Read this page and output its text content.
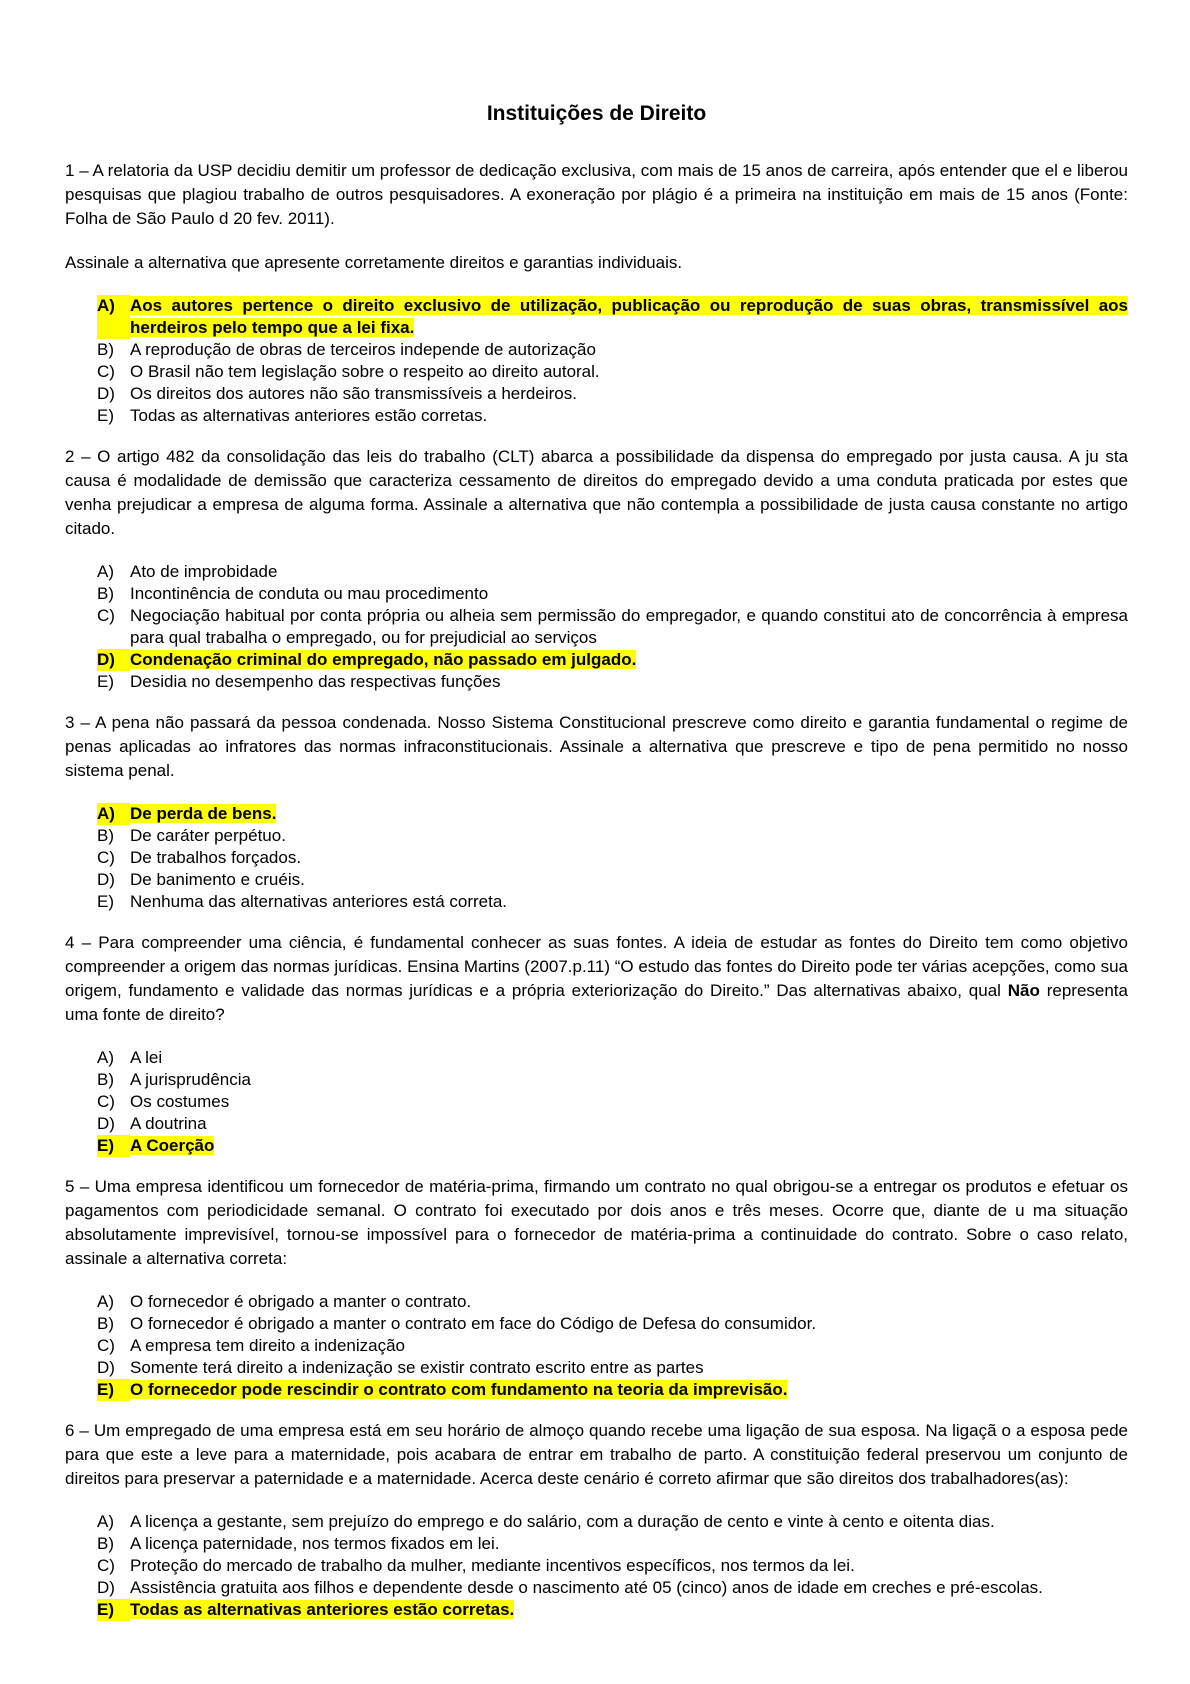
Instituições de Direito

1 – A relatoria da USP decidiu demitir um professor de dedicação exclusiva, com mais de 15 anos de carreira, após entender que el e liberou pesquisas que plagiou trabalho de outros pesquisadores. A exoneração por plágio é a primeira na instituição em mais de 15 anos (Fonte: Folha de São Paulo d 20 fev. 2011).

Assinale a alternativa que apresente corretamente direitos e garantias individuais.

A) Aos autores pertence o direito exclusivo de utilização, publicação ou reprodução de suas obras, transmissível aos herdeiros pelo tempo que a lei fixa.
B) A reprodução de obras de terceiros independe de autorização
C) O Brasil não tem legislação sobre o respeito ao direito autoral.
D) Os direitos dos autores não são transmissíveis a herdeiros.
E) Todas as alternativas anteriores estão corretas.

2 – O artigo 482 da consolidação das leis do trabalho (CLT) abarca a possibilidade da dispensa do empregado por justa causa. A ju sta causa é modalidade de demissão que caracteriza cessamento de direitos do empregado devido a uma conduta praticada por estes que venha prejudicar a empresa de alguma forma. Assinale a alternativa que não contempla a possibilidade de justa causa constante no artigo citado.

A) Ato de improbidade
B) Incontinência de conduta ou mau procedimento
C) Negociação habitual por conta própria ou alheia sem permissão do empregador, e quando constitui ato de concorrência à empresa para qual trabalha o empregado, ou for prejudicial ao serviços
D) Condenação criminal do empregado, não passado em julgado.
E) Desidia no desempenho das respectivas funções

3 – A pena não passará da pessoa condenada. Nosso Sistema Constitucional prescreve como direito e garantia fundamental o regime de penas aplicadas ao infratores das normas infraconstitucionais. Assinale a alternativa que prescreve e tipo de pena permitido no nosso sistema penal.

A) De perda de bens.
B) De caráter perpétuo.
C) De trabalhos forçados.
D) De banimento e cruéis.
E) Nenhuma das alternativas anteriores está correta.

4 – Para compreender uma ciência, é fundamental conhecer as suas fontes. A ideia de estudar as fontes do Direito tem como objetivo compreender a origem das normas jurídicas. Ensina Martins (2007.p.11) “O estudo das fontes do Direito pode ter várias acepções, como sua origem, fundamento e validade das normas jurídicas e a própria exteriorização do Direito.” Das alternativas abaixo, qual Não representa uma fonte de direito?

A) A lei
B) A jurisprudência
C) Os costumes
D) A doutrina
E) A Coerção

5 – Uma empresa identificou um fornecedor de matéria-prima, firmando um contrato no qual obrigou-se a entregar os produtos e efetuar os pagamentos com periodicidade semanal. O contrato foi executado por dois anos e três meses. Ocorre que, diante de u ma situação absolutamente imprevisível, tornou-se impossível para o fornecedor de matéria-prima a continuidade do contrato. Sobre o caso relato, assinale a alternativa correta:

A) O fornecedor é obrigado a manter o contrato.
B) O fornecedor é obrigado a manter o contrato em face do Código de Defesa do consumidor.
C) A empresa tem direito a indenização
D) Somente terá direito a indenização se existir contrato escrito entre as partes
E) O fornecedor pode rescindir o contrato com fundamento na teoria da imprevisão.

6 – Um empregado de uma empresa está em seu horário de almoço quando recebe uma ligação de sua esposa. Na ligaçã o a esposa pede para que este a leve para a maternidade, pois acabara de entrar em trabalho de parto. A constituição federal preservou um conjunto de direitos para preservar a paternidade e a maternidade. Acerca deste cenário é correto afirmar que são direitos dos trabalhadores(as):

A) A licença a gestante, sem prejuízo do emprego e do salário, com a duração de cento e vinte à cento e oitenta dias.
B) A licença paternidade, nos termos fixados em lei.
C) Proteção do mercado de trabalho da mulher, mediante incentivos específicos, nos termos da lei.
D) Assistência gratuita aos filhos e dependente desde o nascimento até 05 (cinco) anos de idade em creches e pré-escolas.
E) Todas as alternativas anteriores estão corretas.
